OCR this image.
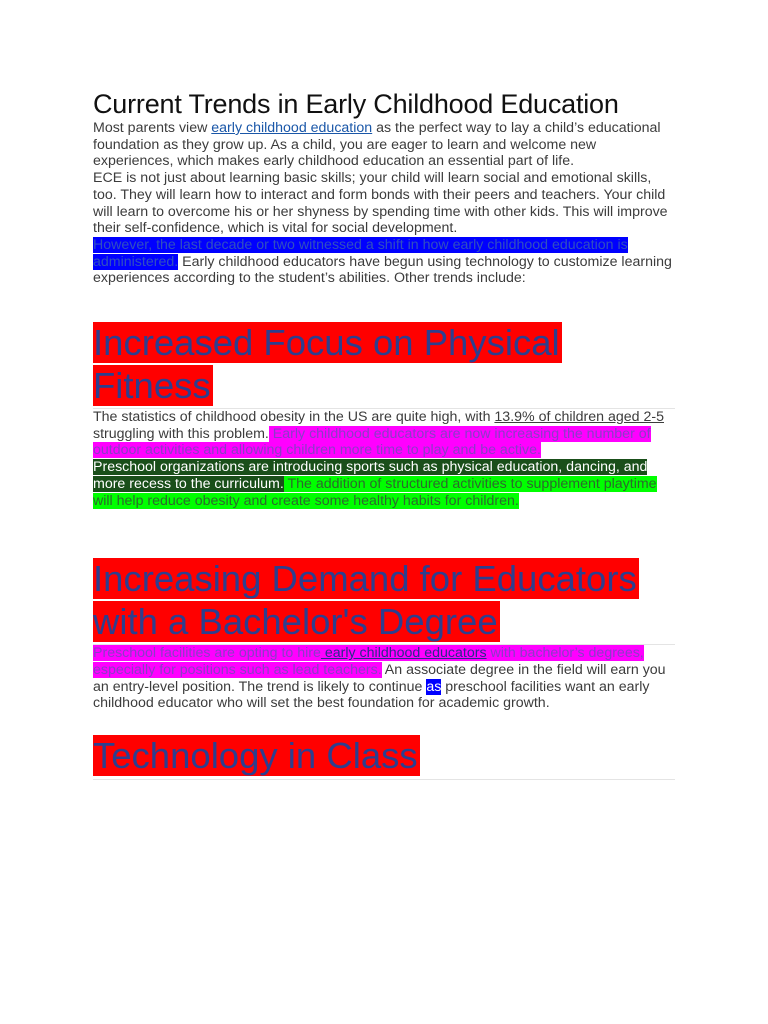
Current Trends in Early Childhood Education

Most parents view early childhood education as the perfect way to lay a child’s educational foundation as they grow up. As a child, you are eager to learn and welcome new experiences, which makes early childhood education an essential part of life.

ECE is not just about learning basic skills; your child will learn social and emotional skills, too. They will learn how to interact and form bonds with their peers and teachers. Your child will learn to overcome his or her shyness by spending time with other kids. This will improve their self-confidence, which is vital for social development.

However, the last decade or two witnessed a shift in how early childhood education is administered. Early childhood educators have begun using technology to customize learning experiences according to the student’s abilities. Other trends include:

Increased Focus on Physical Fitness

The statistics of childhood obesity in the US are quite high, with 13.9% of children aged 2-5 struggling with this problem. Early childhood educators are now increasing the number of outdoor activities and allowing children more time to play and be active.

Preschool organizations are introducing sports such as physical education, dancing, and more recess to the curriculum. The addition of structured activities to supplement playtime will help reduce obesity and create some healthy habits for children.

Increasing Demand for Educators with a Bachelor's Degree

Preschool facilities are opting to hire early childhood educators with bachelor’s degrees, especially for positions such as lead teachers. An associate degree in the field will earn you an entry-level position. The trend is likely to continue as preschool facilities want an early childhood educator who will set the best foundation for academic growth.

Technology in Class
